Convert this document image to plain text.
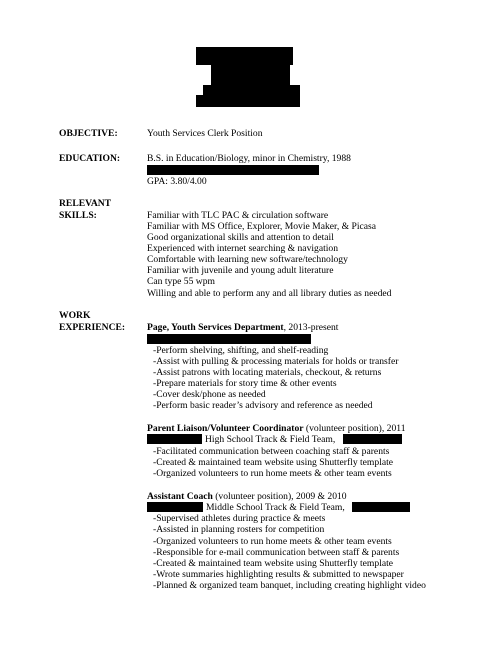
OBJECTIVE:	Youth Services Clerk Position
EDUCATION:	B.S. in Education/Biology, minor in Chemistry, 1988
GPA: 3.80/4.00
RELEVANT
SKILLS:	Familiar with TLC PAC & circulation software
Familiar with MS Office, Explorer, Movie Maker, & Picasa
Good organizational skills and attention to detail
Experienced with internet searching & navigation
Comfortable with learning new software/technology
Familiar with juvenile and young adult literature
Can type 55 wpm
Willing and able to perform any and all library duties as needed
WORK
EXPERIENCE: Page, Youth Services Department, 2013-present
-Perform shelving, shifting, and shelf-reading
-Assist with pulling & processing materials for holds or transfer
-Assist patrons with locating materials, checkout, & returns
-Prepare materials for story time & other events
-Cover desk/phone as needed
-Perform basic reader’s advisory and reference as needed
Parent Liaison/Volunteer Coordinator (volunteer position), 2011
High School Track & Field Team,
-Facilitated communication between coaching staff & parents
-Created & maintained team website using Shutterfly template
-Organized volunteers to run home meets & other team events
Assistant Coach (volunteer position), 2009 & 2010
Middle School Track & Field Team,
-Supervised athletes during practice & meets
-Assisted in planning rosters for competition
-Organized volunteers to run home meets & other team events
-Responsible for e-mail communication between staff & parents
-Created & maintained team website using Shutterfly template
-Wrote summaries highlighting results & submitted to newspaper
-Planned & organized team banquet, including creating highlight video
